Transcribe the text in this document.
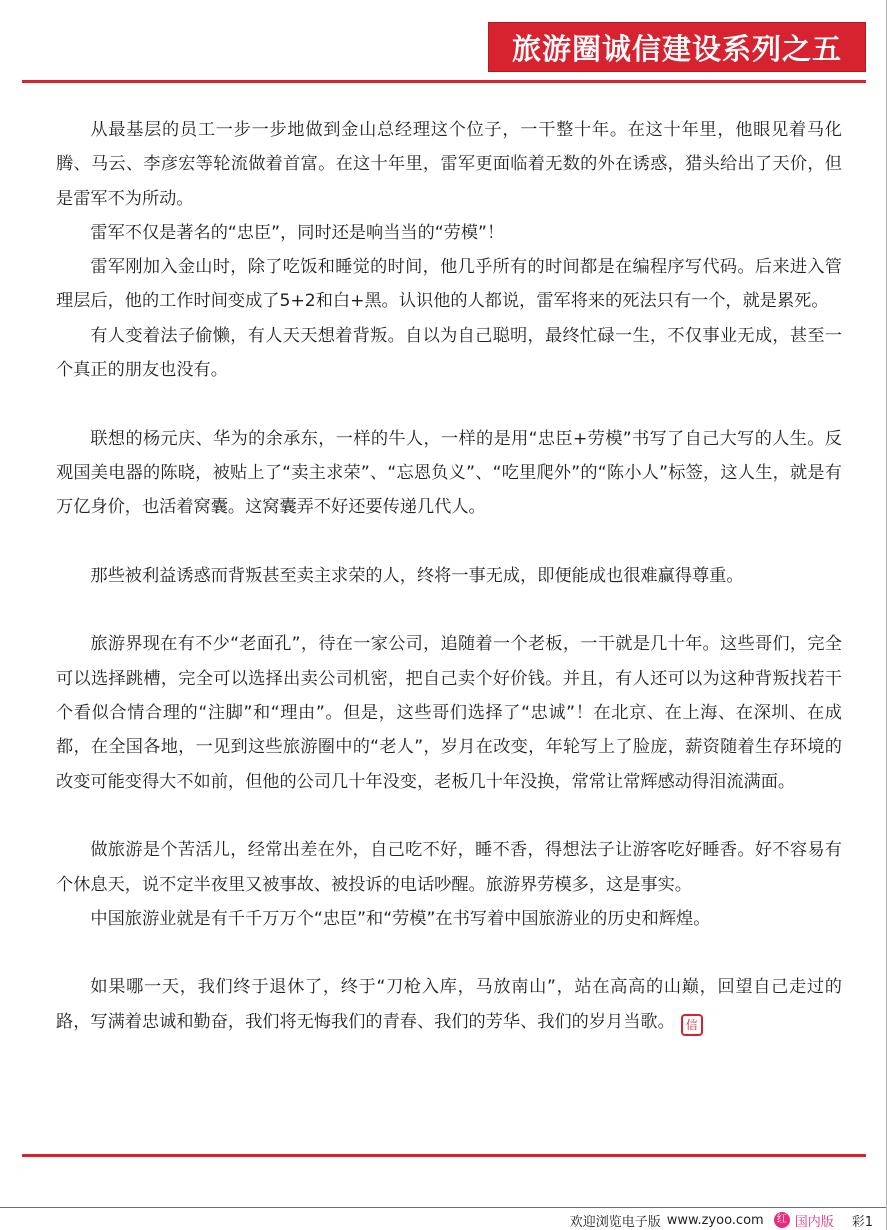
旅游圈诚信建设系列之五

从最基层的员工一步一步地做到金山总经理这个位子，一干整十年。在这十年里，他眼见着马化腾、马云、李彦宏等轮流做着首富。在这十年里，雷军更面临着无数的外在诱惑，猎头给出了天价，但是雷军不为所动。

雷军不仅是著名的“忠臣”，同时还是响当当的“劳模”！

雷军刚加入金山时，除了吃饭和睡觉的时间，他几乎所有的时间都是在编程序写代码。后来进入管理层后，他的工作时间变成了5+2和白+黑。认识他的人都说，雷军将来的死法只有一个，就是累死。

有人变着法子偷懒，有人天天想着背叛。自以为自己聪明，最终忙碌一生，不仅事业无成，甚至一个真正的朋友也没有。

联想的杨元庆、华为的余承东，一样的牛人，一样的是用“忠臣+劳模”书写了自己大写的人生。反观国美电器的陈晓，被贴上了“卖主求荣”、“忘恩负义”、“吃里爬外”的“陈小人”标签，这人生，就是有万亿身价，也活着窝囊。这窝囊弄不好还要传递几代人。

那些被利益诱惑而背叛甚至卖主求荣的人，终将一事无成，即便能成也很难赢得尊重。

旅游界现在有不少“老面孔”，待在一家公司，追随着一个老板，一干就是几十年。这些哥们，完全可以选择跳槽，完全可以选择出卖公司机密，把自己卖个好价钱。并且，有人还可以为这种背叛找若干个看似合情合理的“注脚”和“理由”。但是，这些哥们选择了“忠诚”！在北京、在上海、在深圳、在成都，在全国各地，一见到这些旅游圈中的“老人”，岁月在改变，年轮写上了脸庞，薪资随着生存环境的改变可能变得大不如前，但他的公司几十年没变，老板几十年没换，常常让常辉感动得泪流满面。

做旅游是个苦活儿，经常出差在外，自己吃不好，睡不香，得想法子让游客吃好睡香。好不容易有个休息天，说不定半夜里又被事故、被投诉的电话吵醒。旅游界劳模多，这是事实。

中国旅游业就是有千千万万个“忠臣”和“劳模”在书写着中国旅游业的历史和辉煌。

如果哪一天，我们终于退休了，终于“刀枪入库，马放南山”，站在高高的山巅，回望自己走过的路，写满着忠诚和勤奋，我们将无悔我们的青春、我们的芳华、我们的岁月当歌。 信

欢迎浏览电子版 www.zyoo.com	红 国内版 彩1
